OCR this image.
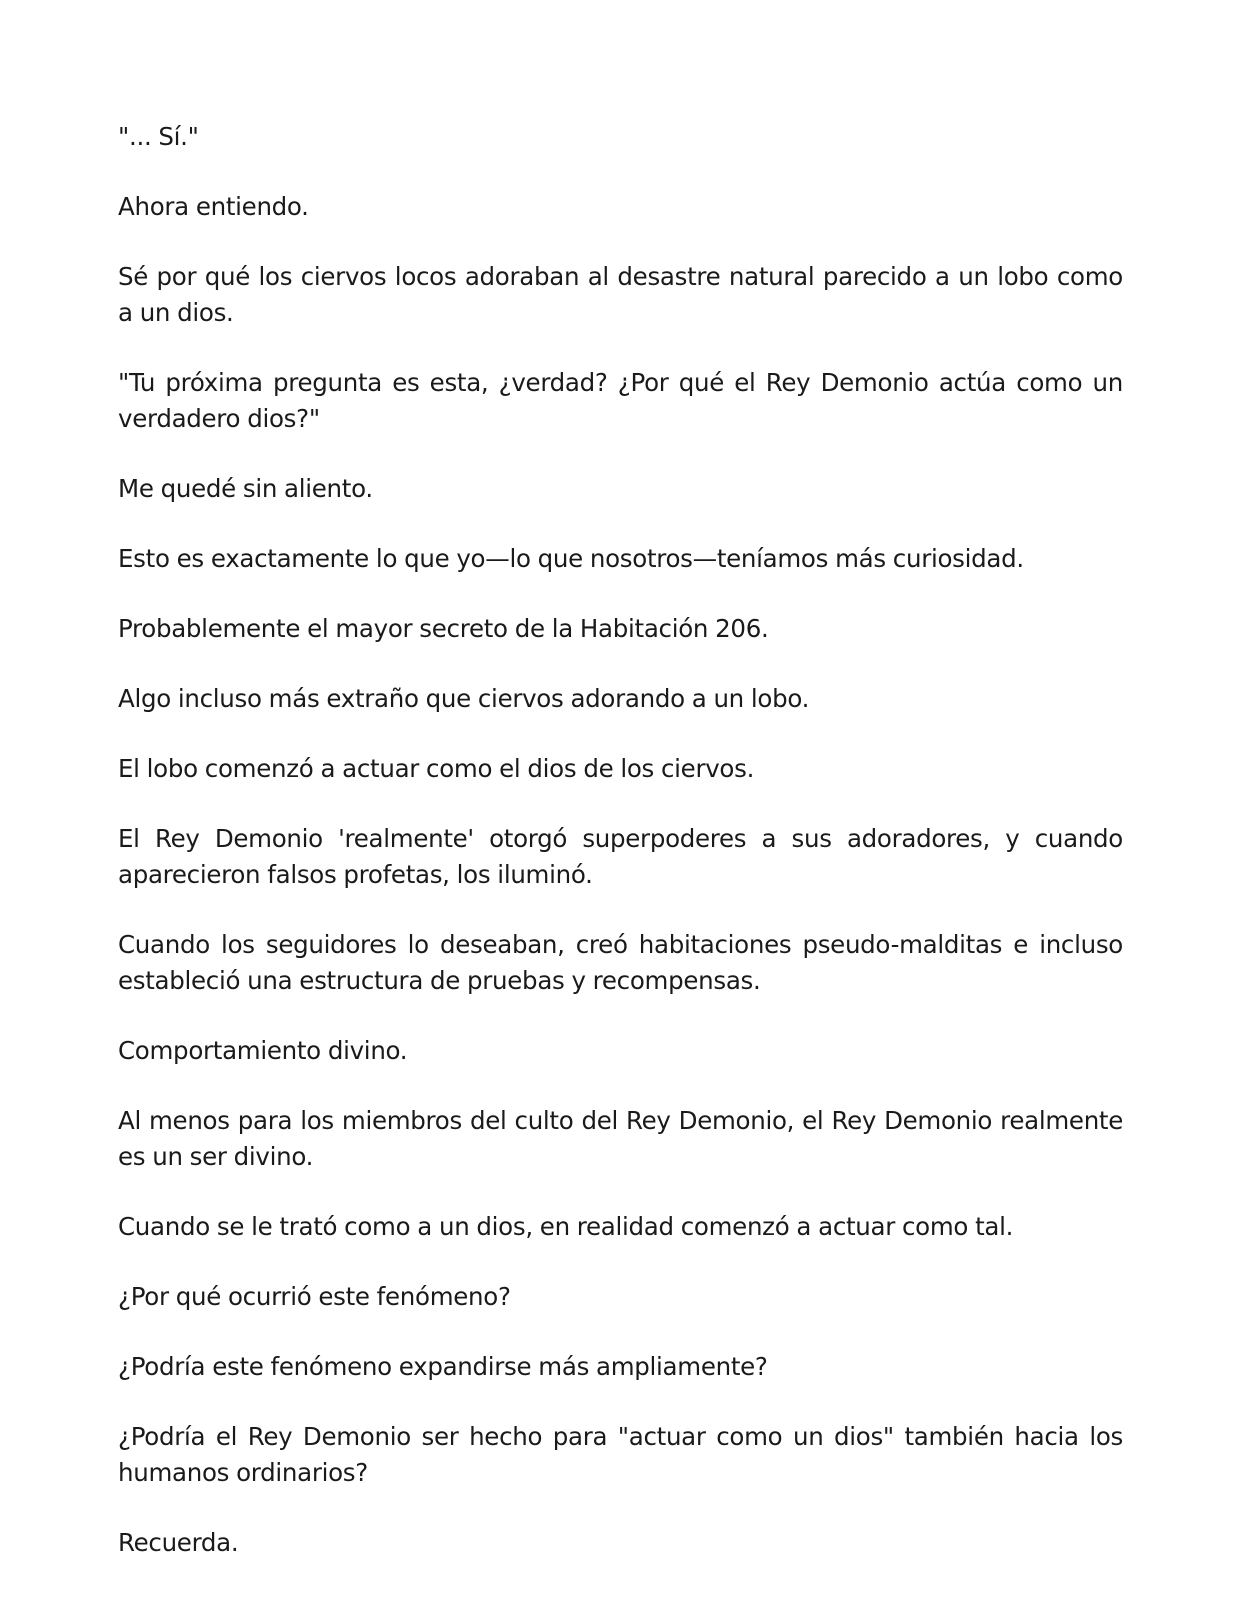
"... Sí."

Ahora entiendo.

Sé por qué los ciervos locos adoraban al desastre natural parecido a un lobo como a un dios.

"Tu próxima pregunta es esta, ¿verdad? ¿Por qué el Rey Demonio actúa como un verdadero dios?"

Me quedé sin aliento.

Esto es exactamente lo que yo—lo que nosotros—teníamos más curiosidad.

Probablemente el mayor secreto de la Habitación 206.

Algo incluso más extraño que ciervos adorando a un lobo.

El lobo comenzó a actuar como el dios de los ciervos.

El Rey Demonio 'realmente' otorgó superpoderes a sus adoradores, y cuando aparecieron falsos profetas, los iluminó.

Cuando los seguidores lo deseaban, creó habitaciones pseudo-malditas e incluso estableció una estructura de pruebas y recompensas.

Comportamiento divino.

Al menos para los miembros del culto del Rey Demonio, el Rey Demonio realmente es un ser divino.

Cuando se le trató como a un dios, en realidad comenzó a actuar como tal.

¿Por qué ocurrió este fenómeno?

¿Podría este fenómeno expandirse más ampliamente?

¿Podría el Rey Demonio ser hecho para "actuar como un dios" también hacia los humanos ordinarios?

Recuerda.
